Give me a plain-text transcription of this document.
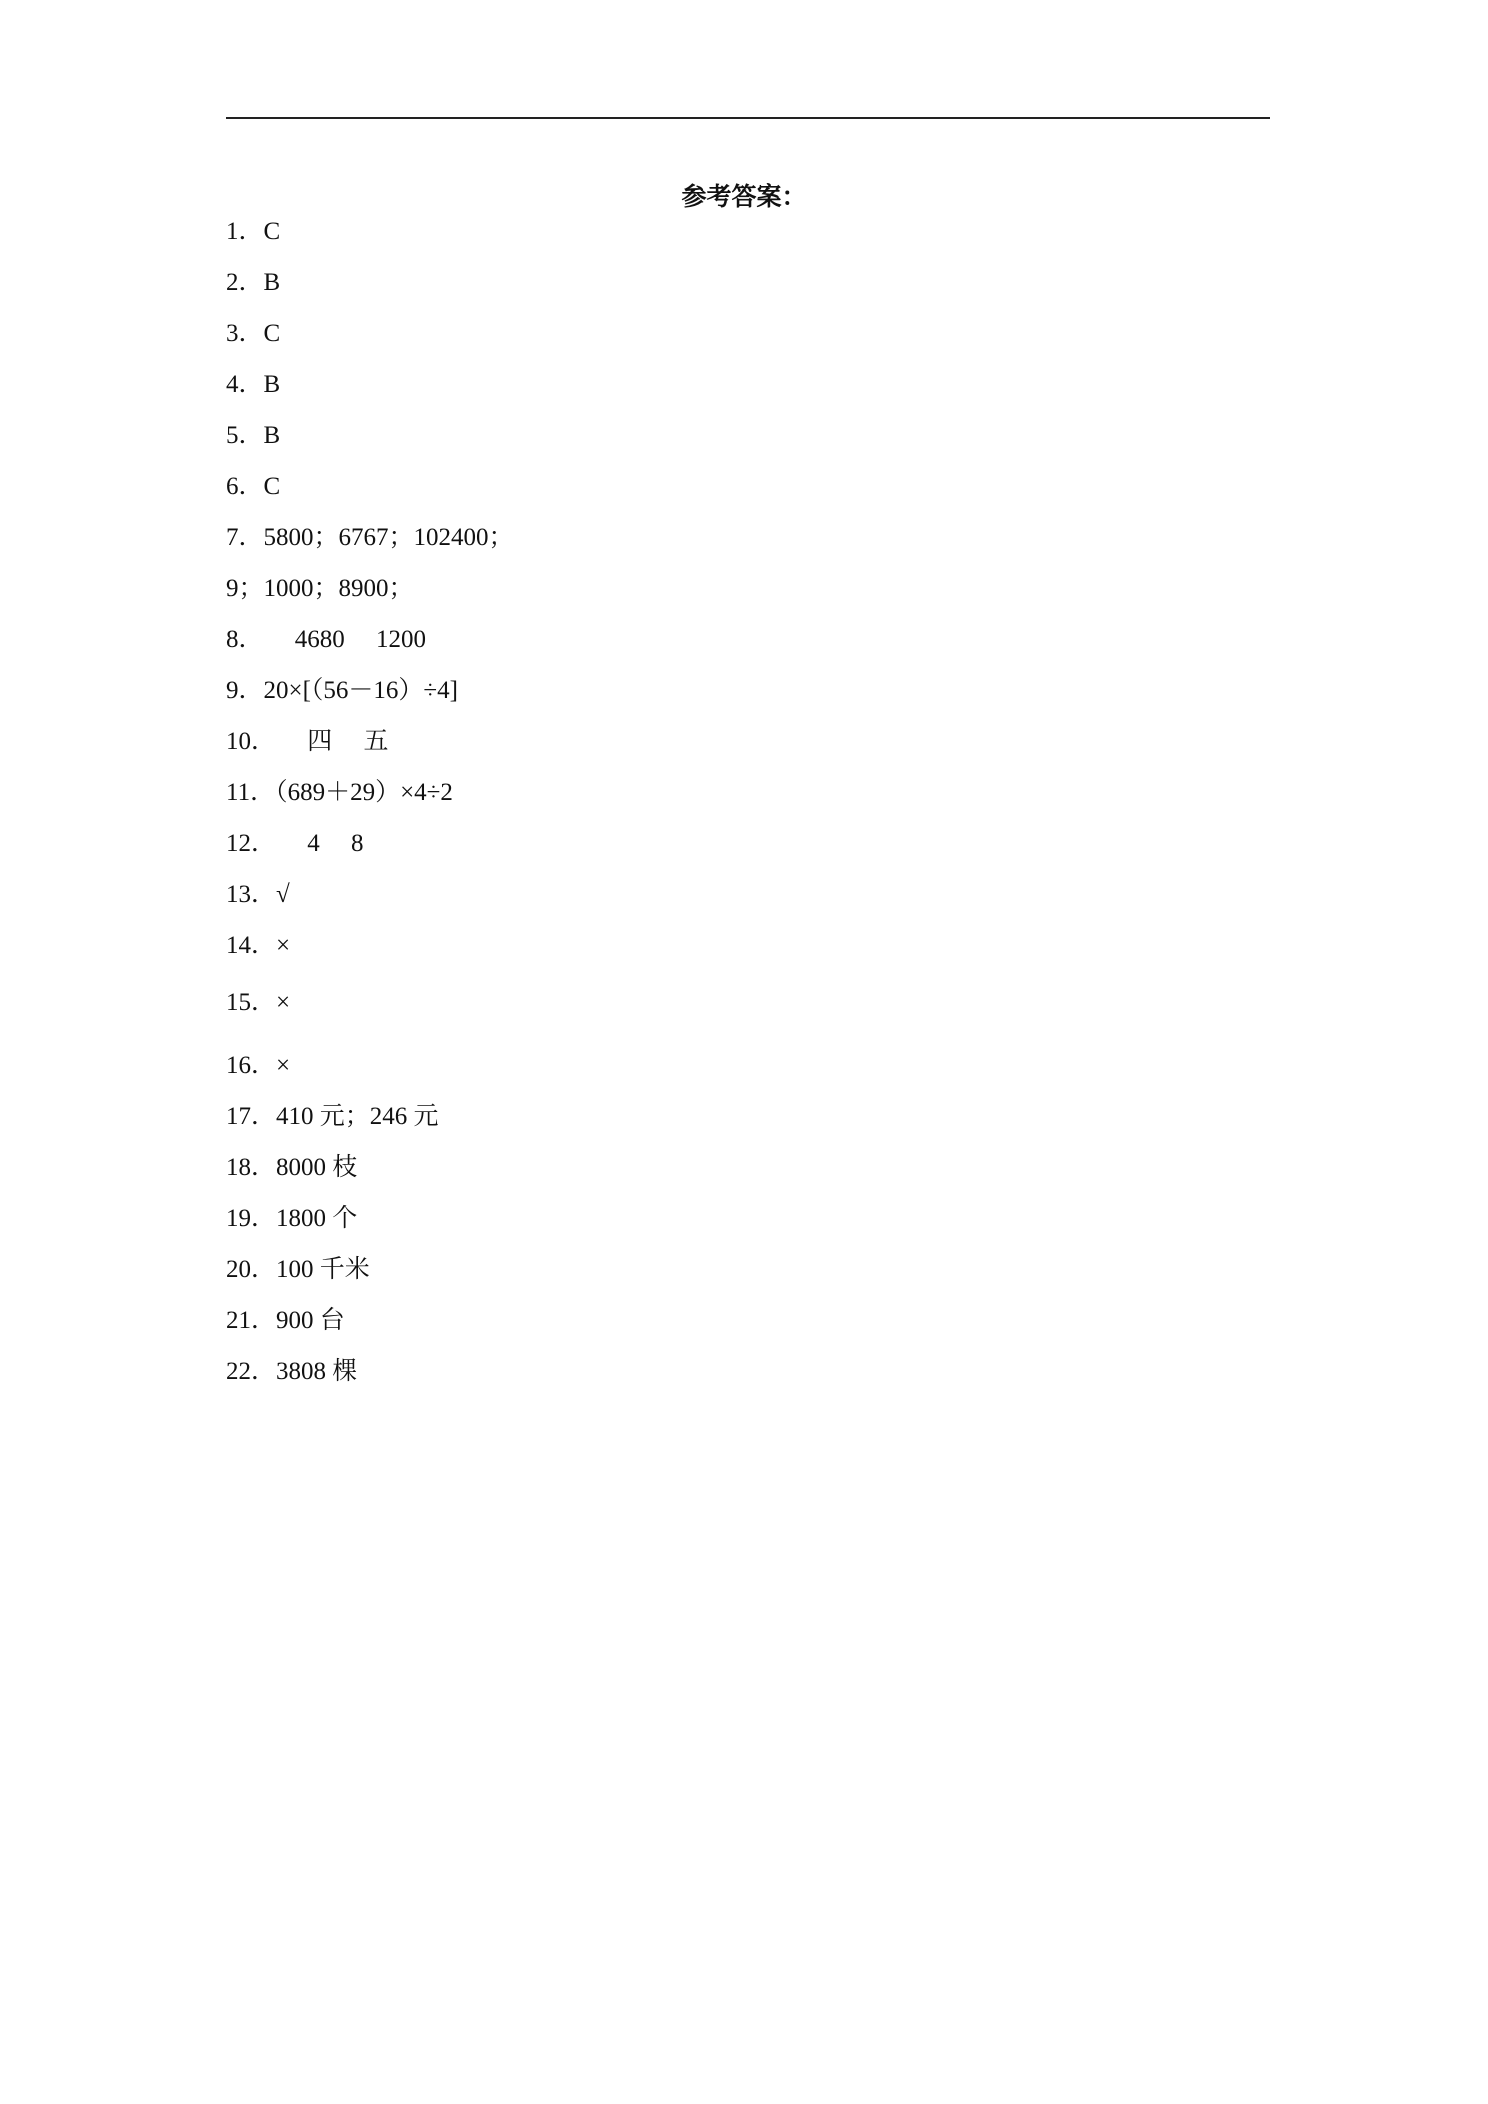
参考答案：
1．C
2．B
3．C
4．B
5．B
6．C
7．5800；6767；102400；
9；1000；8900；
8．     4680     1200
9．20×[（56－16）÷4]
10．     四     五
11．（689＋29）×4÷2
12．     4     8
13．√
14．×
15．×
16．×
17．410 元；246 元
18．8000 枝
19．1800 个
20．100 千米
21．900 台
22．3808 棵
